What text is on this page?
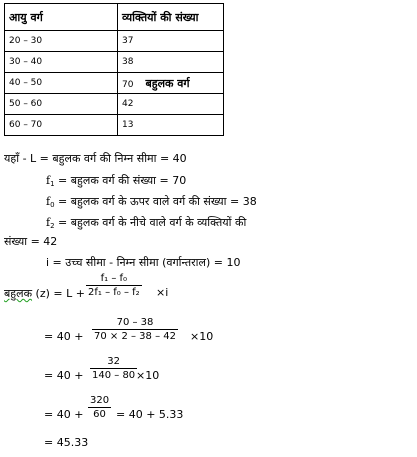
आयु वर्ग	व्यक्तियों की संख्या
20 – 30	37
30 – 40	38
40 – 50	70 बहुलक वर्ग
50 – 60	42
60 – 70	13
यहाँ - L = बहुलक वर्ग की निम्न सीमा = 40
$f_1$ = बहुलक वर्ग की संख्या = 70
$f_0$ = बहुलक वर्ग के ऊपर वाले वर्ग की संख्या = 38
$f_2$ = बहुलक वर्ग के नीचे वाले वर्ग के व्यक्तियों की
संख्या = 42
i = उच्च सीमा - निम्न सीमा (वर्गान्तराल) = 10
बहुलक (z) = L +
f₁ – f₀
2f₁ – f₀ – f₂ ×i
= 40 +
70 – 38
70 × 2 – 38 – 42 ×10
= 40 +
32
140 – 80 ×10
= 40 +
320
60 = 40 + 5.33
= 45.33
